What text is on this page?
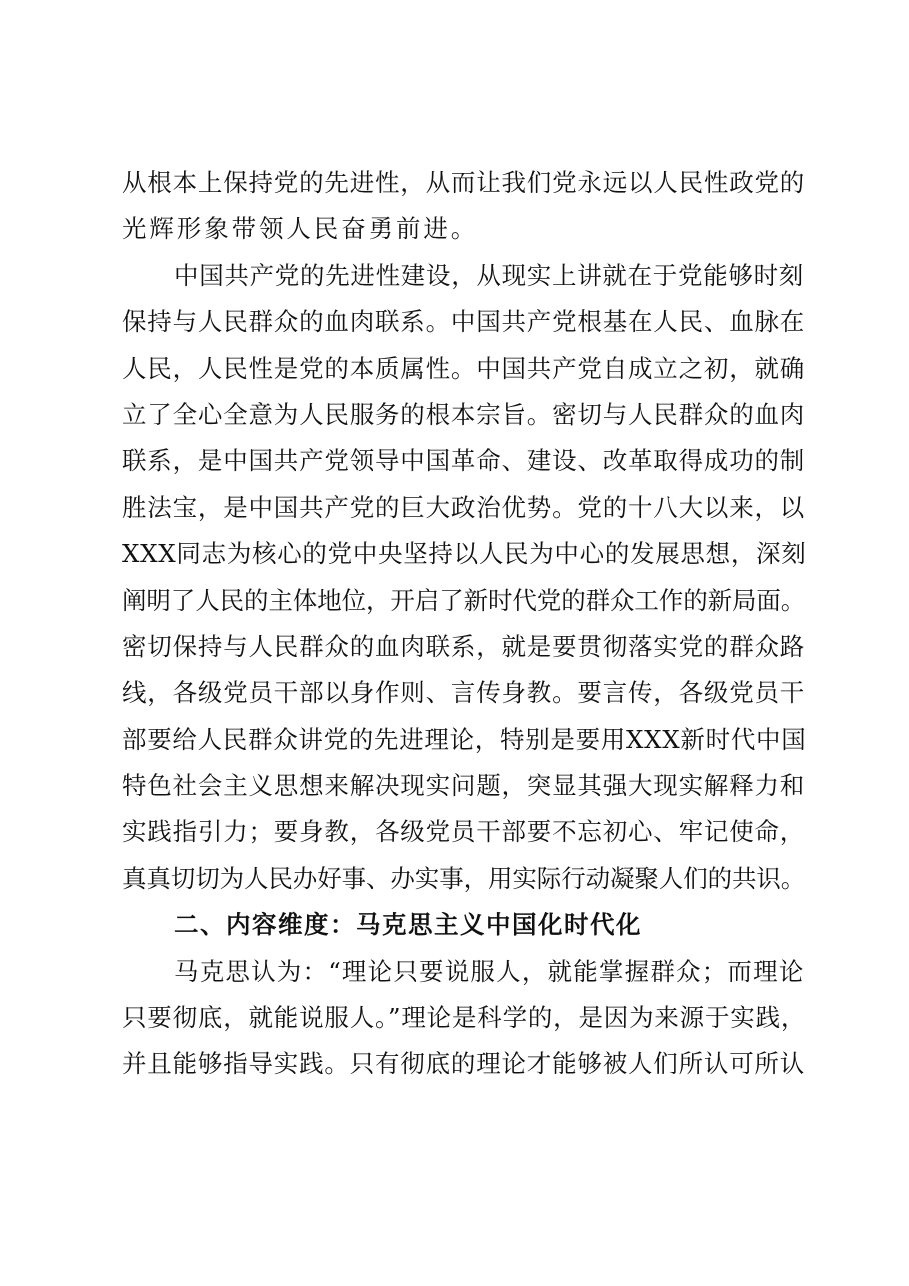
从根本上保持党的先进性，从而让我们党永远以人民性政党的
光辉形象带领人民奋勇前进。
中国共产党的先进性建设，从现实上讲就在于党能够时刻
保持与人民群众的血肉联系。中国共产党根基在人民、血脉在
人民，人民性是党的本质属性。中国共产党自成立之初，就确
立了全心全意为人民服务的根本宗旨。密切与人民群众的血肉
联系，是中国共产党领导中国革命、建设、改革取得成功的制
胜法宝，是中国共产党的巨大政治优势。党的十八大以来，以
XXX同志为核心的党中央坚持以人民为中心的发展思想，深刻
阐明了人民的主体地位，开启了新时代党的群众工作的新局面。
密切保持与人民群众的血肉联系，就是要贯彻落实党的群众路
线，各级党员干部以身作则、言传身教。要言传，各级党员干
部要给人民群众讲党的先进理论，特别是要用XXX新时代中国
特色社会主义思想来解决现实问题，突显其强大现实解释力和
实践指引力；要身教，各级党员干部要不忘初心、牢记使命，
真真切切为人民办好事、办实事，用实际行动凝聚人们的共识。
二、内容维度：马克思主义中国化时代化
马克思认为：“理论只要说服人，就能掌握群众；而理论
只要彻底，就能说服人。”理论是科学的，是因为来源于实践，
并且能够指导实践。只有彻底的理论才能够被人们所认可所认
